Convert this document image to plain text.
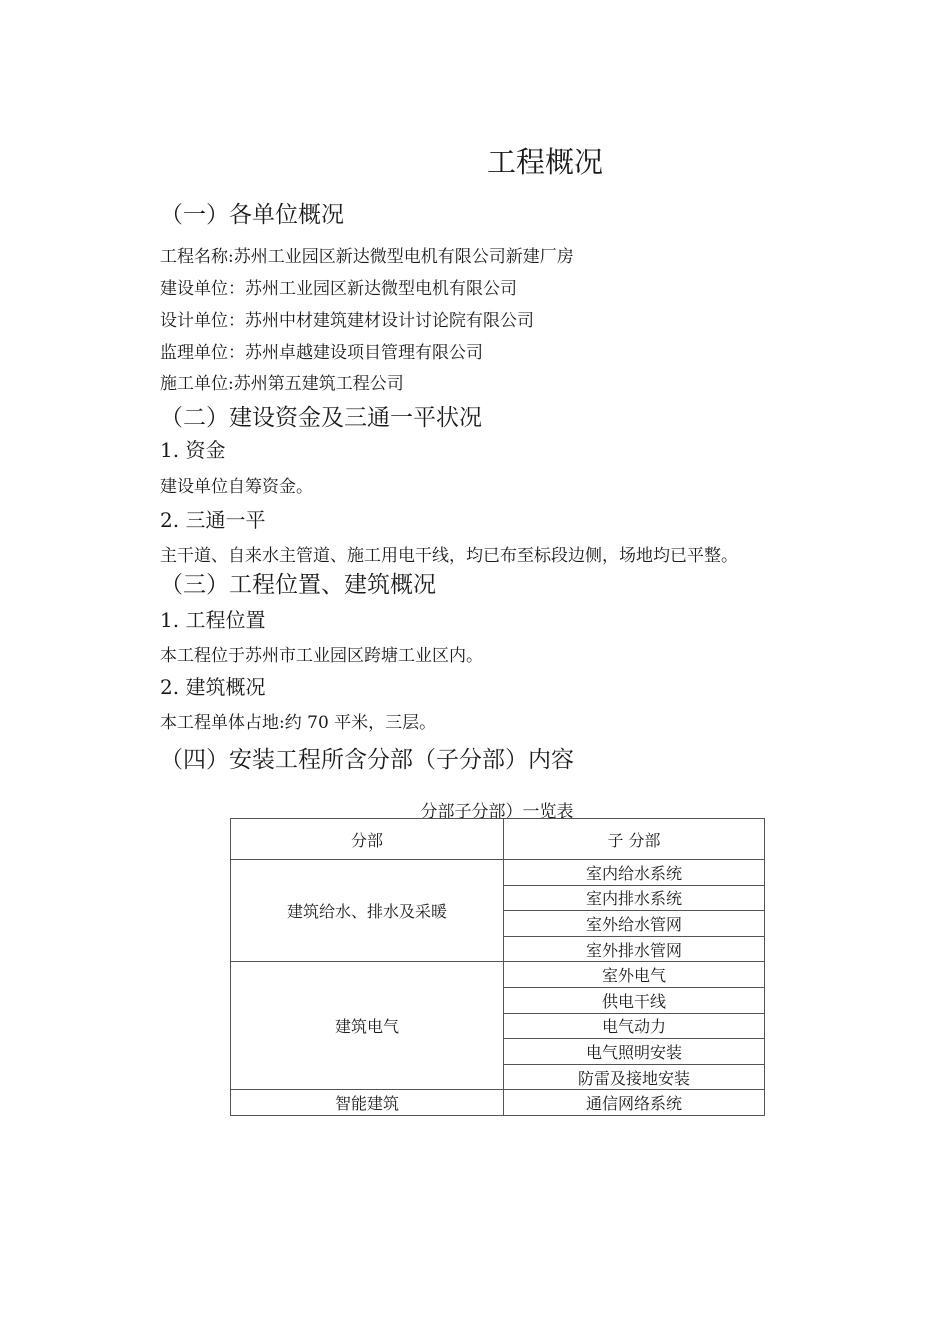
工程概况
（一）各单位概况
工程名称:苏州工业园区新达微型电机有限公司新建厂房
建设单位：苏州工业园区新达微型电机有限公司
设计单位：苏州中材建筑建材设计讨论院有限公司
监理单位：苏州卓越建设项目管理有限公司
施工单位:苏州第五建筑工程公司
（二）建设资金及三通一平状况
1. 资金
建设单位自筹资金。
2. 三通一平
主干道、自来水主管道、施工用电干线，均已布至标段边侧，场地均已平整。
（三）工程位置、建筑概况
1. 工程位置
本工程位于苏州市工业园区跨塘工业区内。
2. 建筑概况
本工程单体占地:约 70 平米，三层。
（四）安装工程所含分部（子分部）内容
分部子分部）一览表
分部	子 分部
建筑给水、排水及采暖	室内给水系统
	室内排水系统
	室外给水管网
	室外排水管网
建筑电气	室外电气
	供电干线
	电气动力
	电气照明安装
	防雷及接地安装
智能建筑	通信网络系统
